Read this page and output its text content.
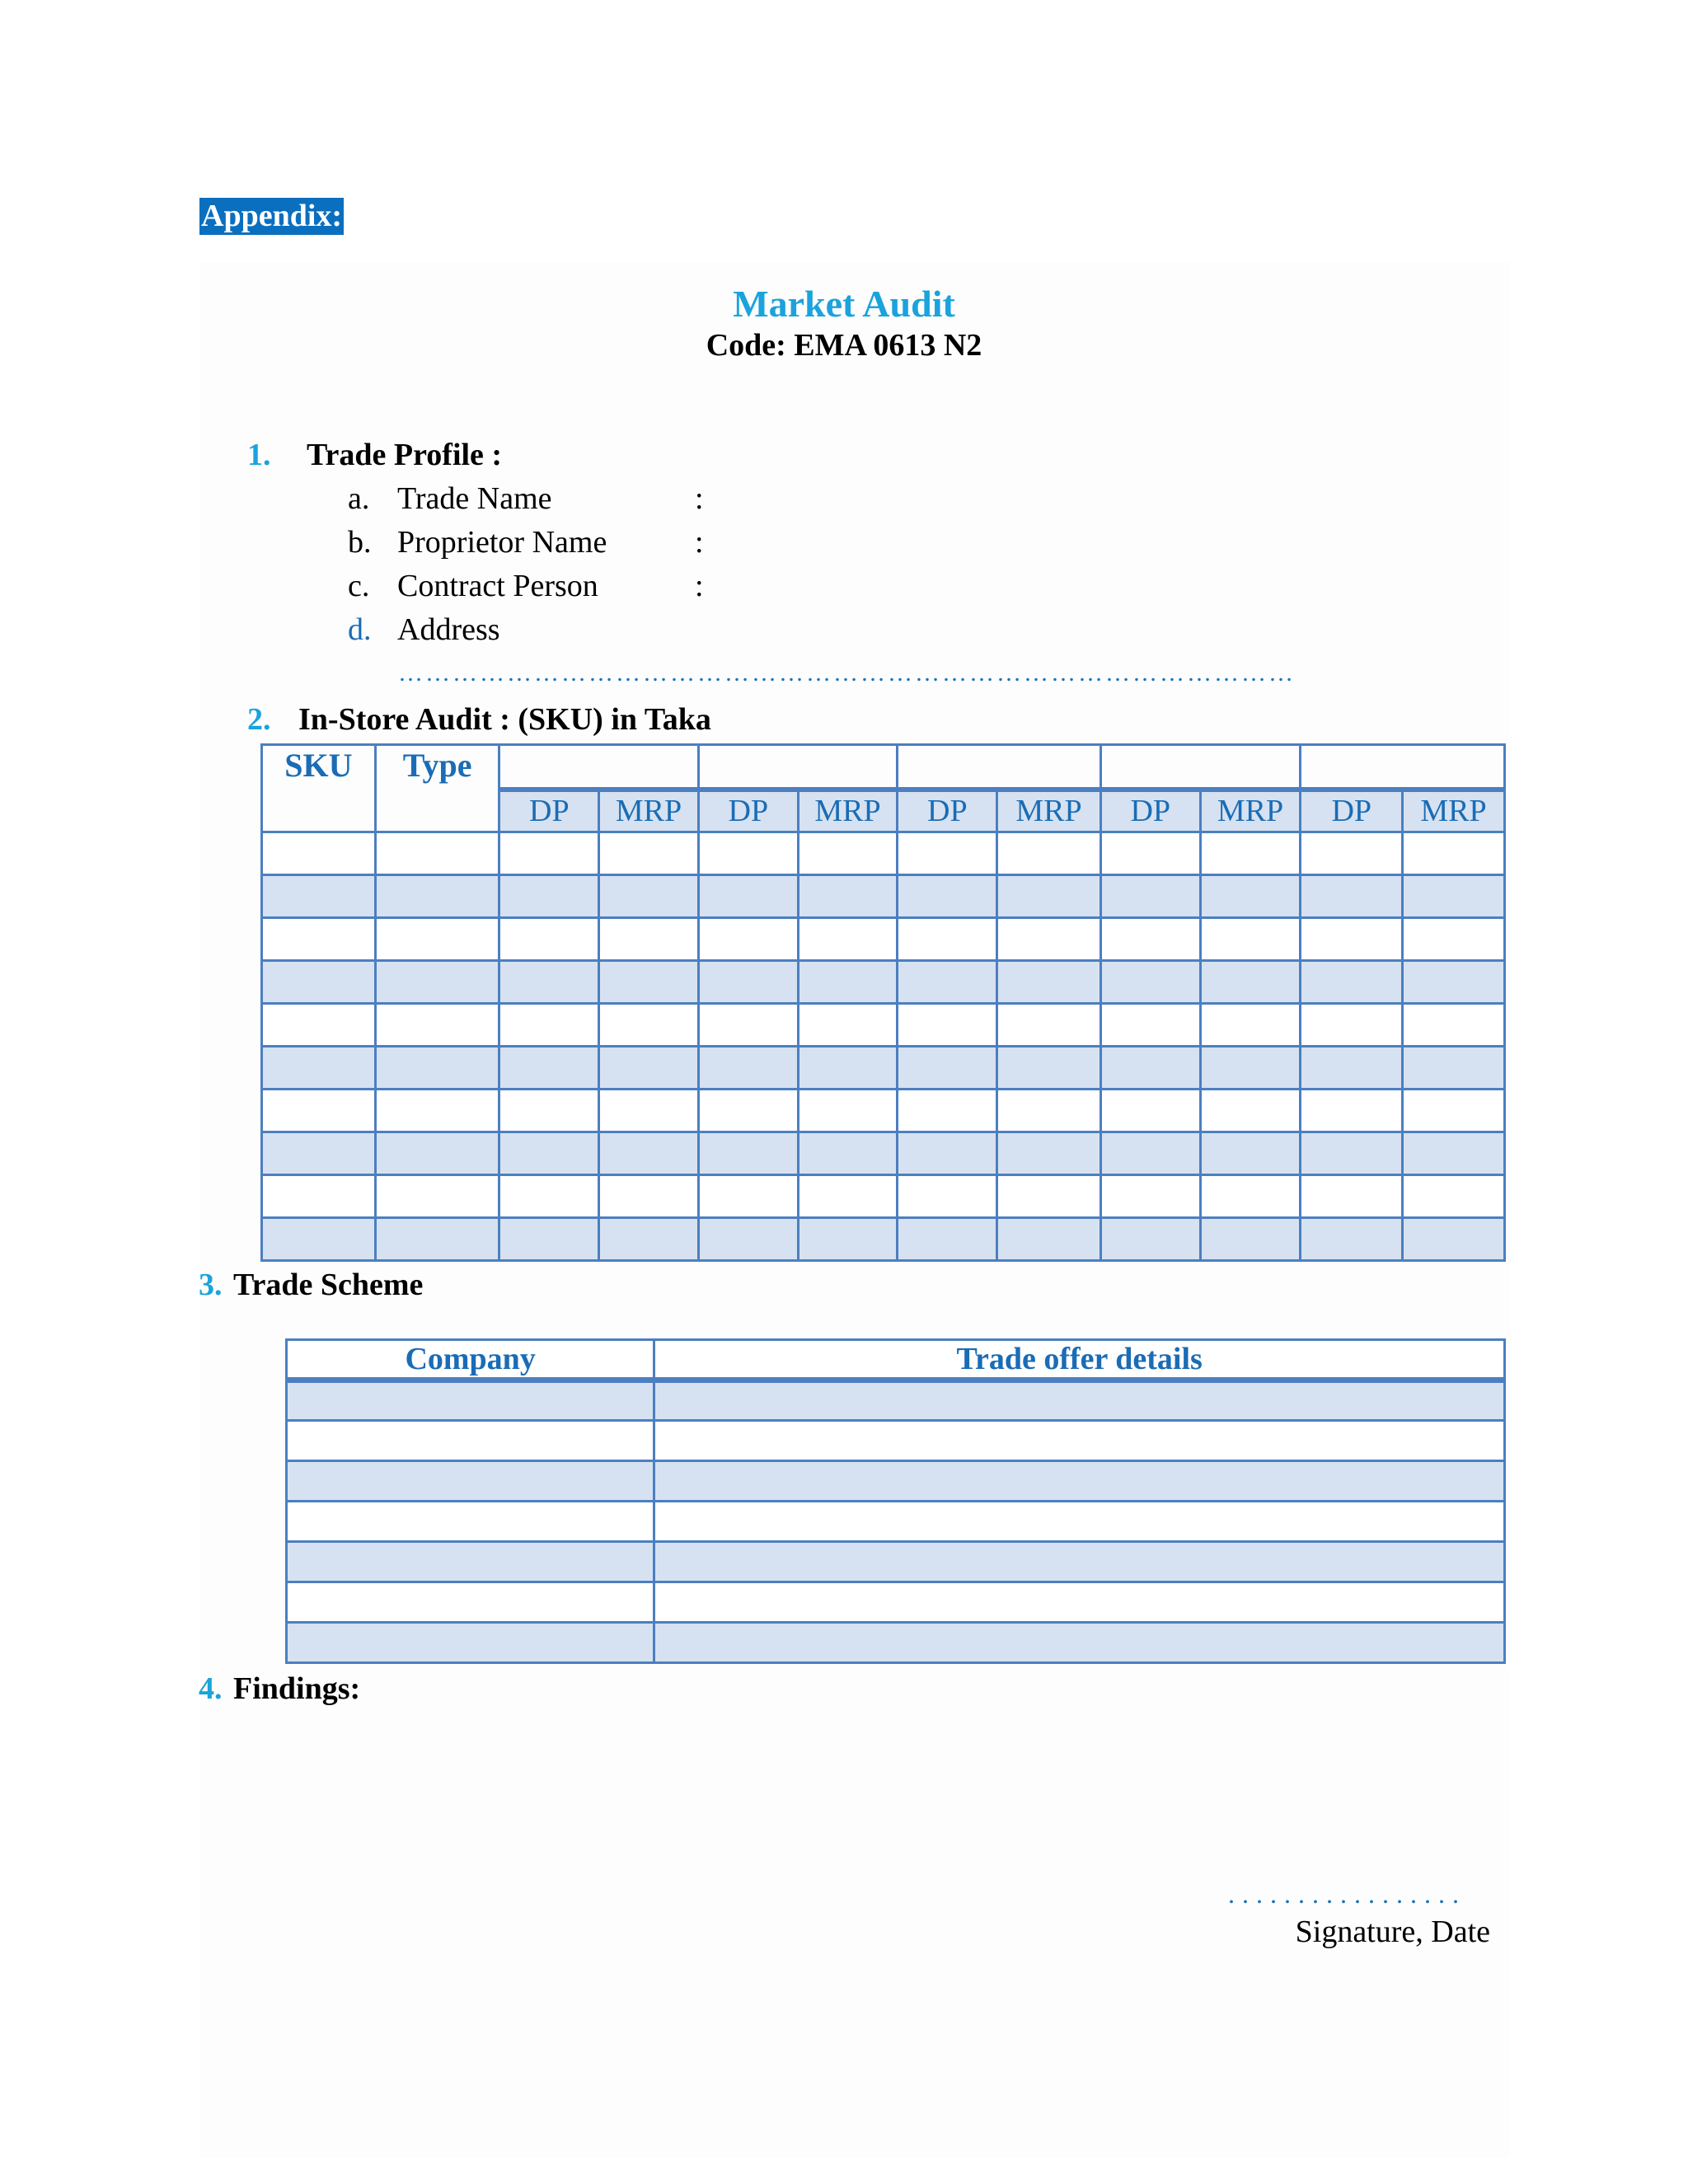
Appendix:
Market Audit
Code: EMA 0613 N2
1. Trade Profile :
a. Trade Name	:
b. Proprietor Name	:
c. Contract Person	:
d. Address
………………………………………………………………………………………
2. In-Store Audit : (SKU) in Taka
SKU	Type										
		DP	MRP	DP	MRP	DP	MRP	DP	MRP	DP	MRP

3. Trade Scheme
Company	Trade offer details

4. Findings:
.................
Signature, Date
